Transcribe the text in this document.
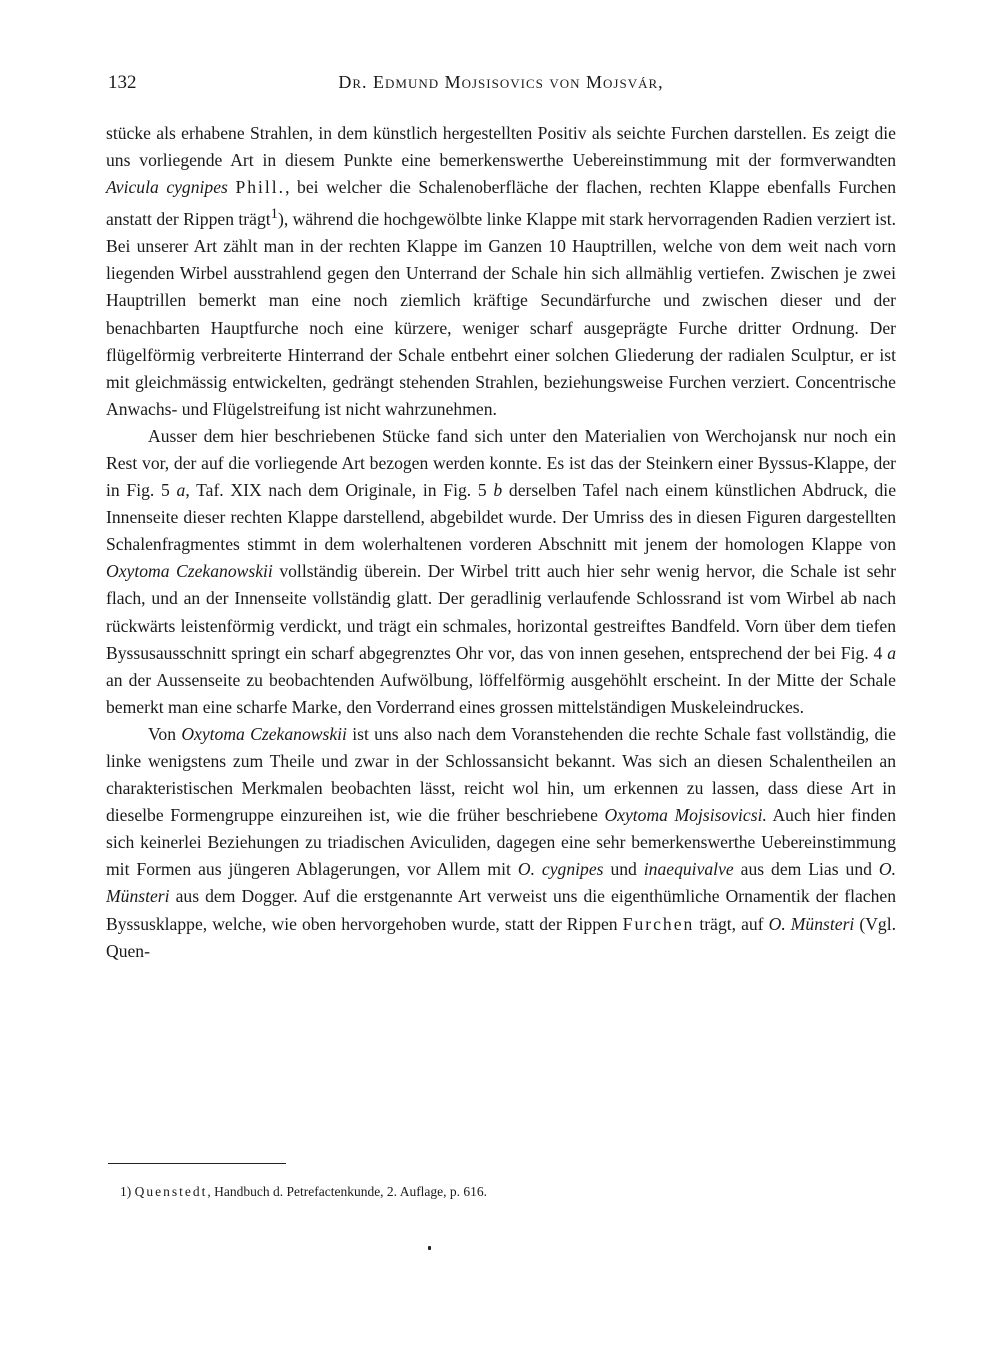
132	Dr. Edmund Mojsisovics von Mojsvár,

stücke als erhabene Strahlen, in dem künstlich hergestellten Positiv als seichte Furchen darstellen. Es zeigt die uns vorliegende Art in diesem Punkte eine bemerkenswerthe Uebereinstimmung mit der formverwandten Avicula cygnipes Phill., bei welcher die Schalenoberfläche der flachen, rechten Klappe ebenfalls Furchen anstatt der Rippen trägt$^1$), während die hochgewölbte linke Klappe mit stark hervorragenden Radien verziert ist. Bei unserer Art zählt man in der rechten Klappe im Ganzen 10 Hauptrillen, welche von dem weit nach vorn liegenden Wirbel ausstrahlend gegen den Unterrand der Schale hin sich allmählig vertiefen. Zwischen je zwei Hauptrillen bemerkt man eine noch ziemlich kräftige Secundärfurche und zwischen dieser und der benachbarten Hauptfurche noch eine kürzere, weniger scharf ausgeprägte Furche dritter Ordnung. Der flügelförmig verbreiterte Hinterrand der Schale entbehrt einer solchen Gliederung der radialen Sculptur, er ist mit gleichmässig entwickelten, gedrängt stehenden Strahlen, beziehungsweise Furchen verziert. Concentrische Anwachs- und Flügelstreifung ist nicht wahrzunehmen.

Ausser dem hier beschriebenen Stücke fand sich unter den Materialien von Werchojansk nur noch ein Rest vor, der auf die vorliegende Art bezogen werden konnte. Es ist das der Steinkern einer Byssus-Klappe, der in Fig. 5 a, Taf. XIX nach dem Originale, in Fig. 5 b derselben Tafel nach einem künstlichen Abdruck, die Innenseite dieser rechten Klappe darstellend, abgebildet wurde. Der Umriss des in diesen Figuren dargestellten Schalenfragmentes stimmt in dem wolerhaltenen vorderen Abschnitt mit jenem der homologen Klappe von Oxytoma Czekanowskii vollständig überein. Der Wirbel tritt auch hier sehr wenig hervor, die Schale ist sehr flach, und an der Innenseite vollständig glatt. Der geradlinig verlaufende Schlossrand ist vom Wirbel ab nach rückwärts leistenförmig verdickt, und trägt ein schmales, horizontal gestreiftes Bandfeld. Vorn über dem tiefen Byssusausschnitt springt ein scharf abgegrenztes Ohr vor, das von innen gesehen, entsprechend der bei Fig. 4 a an der Aussenseite zu beobachtenden Aufwölbung, löffelförmig ausgehöhlt erscheint. In der Mitte der Schale bemerkt man eine scharfe Marke, den Vorderrand eines grossen mittelständigen Muskeleindruckes.

Von Oxytoma Czekanowskii ist uns also nach dem Voranstehenden die rechte Schale fast vollständig, die linke wenigstens zum Theile und zwar in der Schlossansicht bekannt. Was sich an diesen Schalentheilen an charakteristischen Merkmalen beobachten lässt, reicht wol hin, um erkennen zu lassen, dass diese Art in dieselbe Formengruppe einzureihen ist, wie die früher beschriebene Oxytoma Mojsisovicsi. Auch hier finden sich keinerlei Beziehungen zu triadischen Aviculiden, dagegen eine sehr bemerkenswerthe Uebereinstimmung mit Formen aus jüngeren Ablagerungen, vor Allem mit O. cygnipes und inaequivalve aus dem Lias und O. Münsteri aus dem Dogger. Auf die erstgenannte Art verweist uns die eigenthümliche Ornamentik der flachen Byssusklappe, welche, wie oben hervorgehoben wurde, statt der Rippen Furchen trägt, auf O. Münsteri (Vgl. Quen-

1) Quenstedt, Handbuch d. Petrefactenkunde, 2. Auflage, p. 616.
